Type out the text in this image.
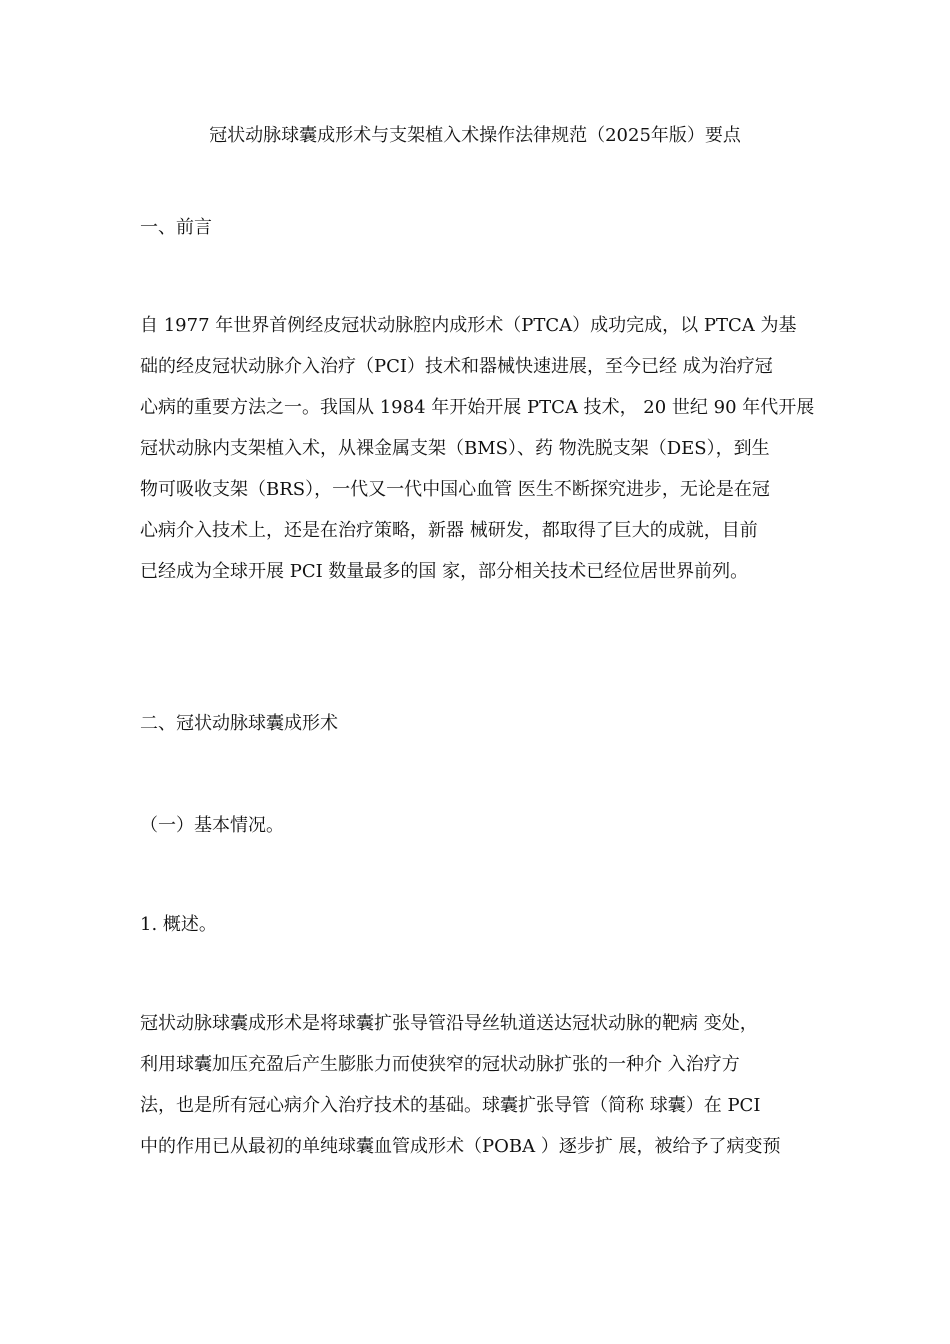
冠状动脉球囊成形术与支架植入术操作法律规范（2025年版）要点
一、前言
自 1977 年世界首例经皮冠状动脉腔内成形术（PTCA）成功完成，以 PTCA 为基
础的经皮冠状动脉介入治疗（PCI）技术和器械快速进展，至今已经 成为治疗冠
心病的重要方法之一。我国从 1984 年开始开展 PTCA 技术， 20 世纪 90 年代开展
冠状动脉内支架植入术，从裸金属支架（BMS）、药 物洗脱支架（DES），到生
物可吸收支架（BRS），一代又一代中国心血管 医生不断探究进步，无论是在冠
心病介入技术上，还是在治疗策略，新器 械研发，都取得了巨大的成就，目前
已经成为全球开展 PCI 数量最多的国 家，部分相关技术已经位居世界前列。
二、冠状动脉球囊成形术
（一）基本情况。
1. 概述。
冠状动脉球囊成形术是将球囊扩张导管沿导丝轨道送达冠状动脉的靶病 变处，
利用球囊加压充盈后产生膨胀力而使狭窄的冠状动脉扩张的一种介 入治疗方
法，也是所有冠心病介入治疗技术的基础。球囊扩张导管（简称 球囊）在 PCI
中的作用已从最初的单纯球囊血管成形术（POBA ）逐步扩 展，被给予了病变预
